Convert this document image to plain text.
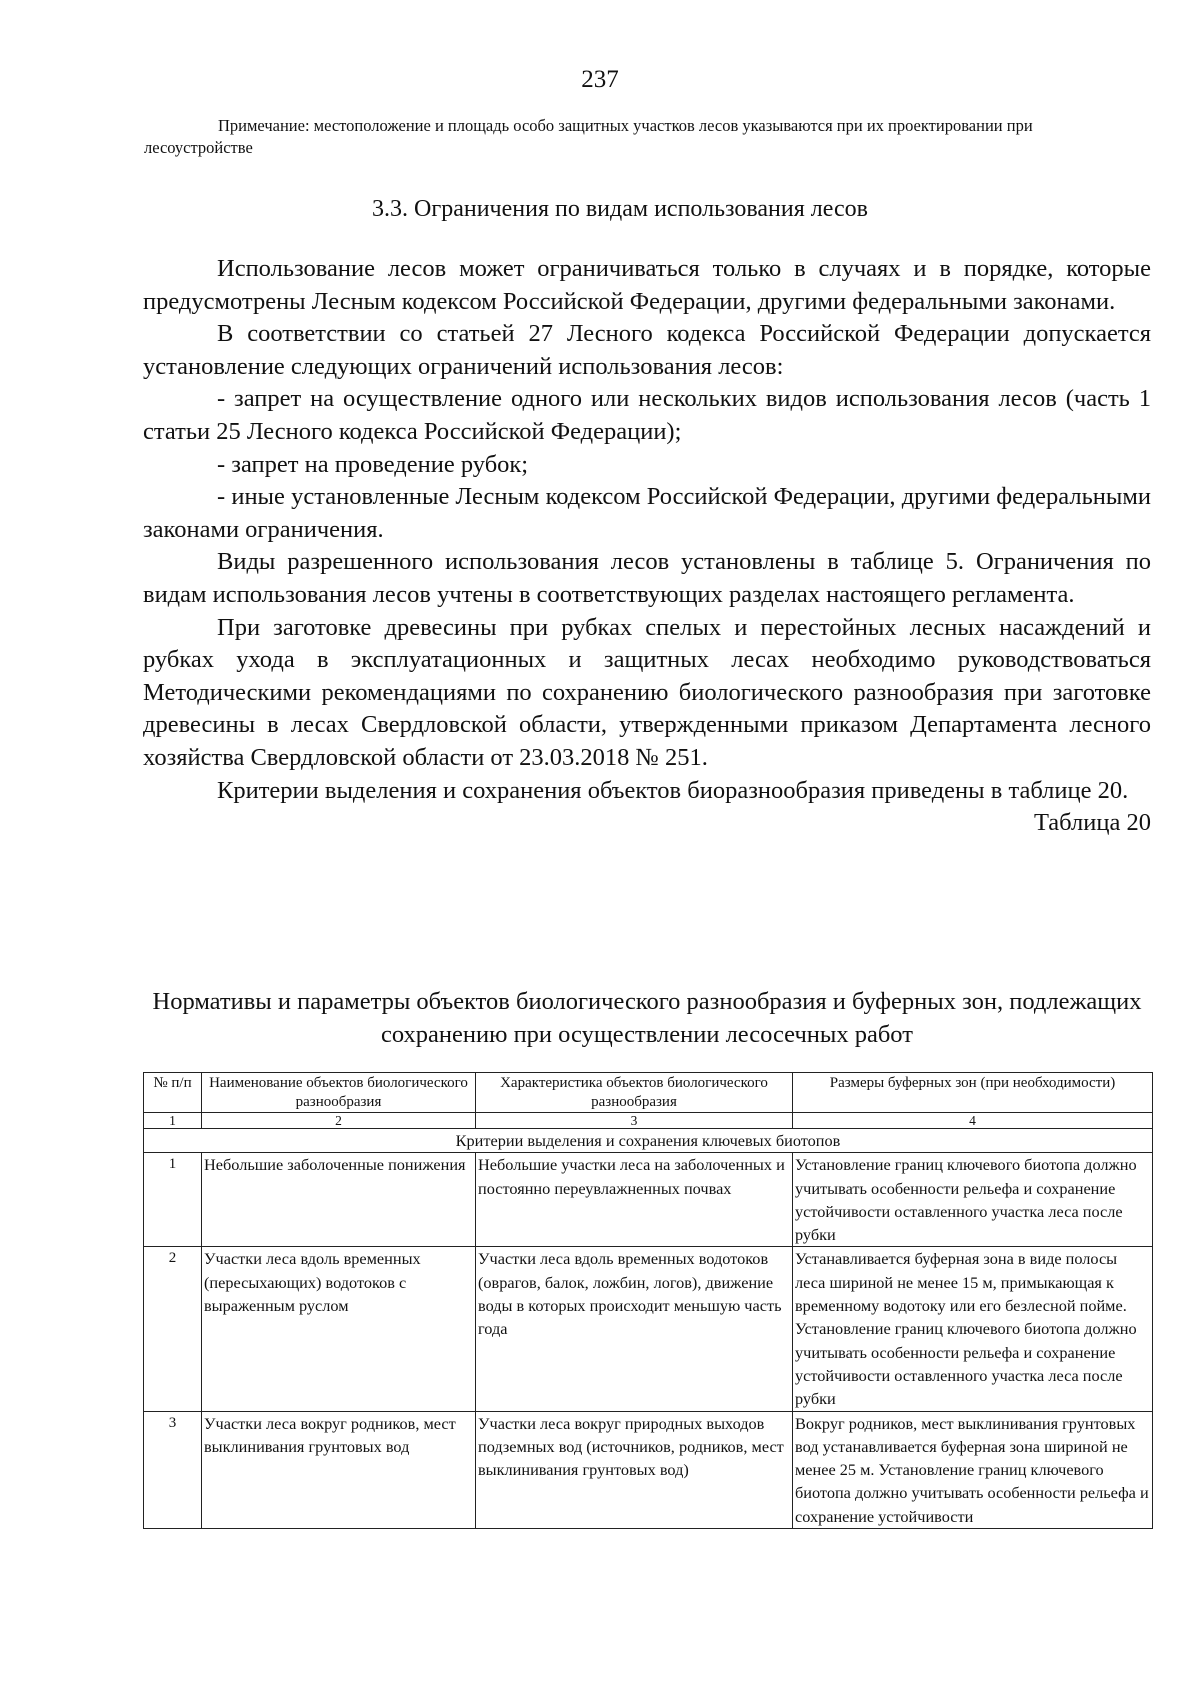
237
Примечание: местоположение и площадь особо защитных участков лесов указываются при их проектировании при лесоустройстве
3.3. Ограничения по видам использования лесов

Использование лесов может ограничиваться только в случаях и в порядке, которые предусмотрены Лесным кодексом Российской Федерации, другими федеральными законами.

В соответствии со статьей 27 Лесного кодекса Российской Федерации допускается установление следующих ограничений использования лесов:

- запрет на осуществление одного или нескольких видов использования лесов (часть 1 статьи 25 Лесного кодекса Российской Федерации);

- запрет на проведение рубок;

- иные установленные Лесным кодексом Российской Федерации, другими федеральными законами ограничения.

Виды разрешенного использования лесов установлены в таблице 5. Ограничения по видам использования лесов учтены в соответствующих разделах настоящего регламента.

При заготовке древесины при рубках спелых и перестойных лесных насаждений и рубках ухода в эксплуатационных и защитных лесах необходимо руководствоваться Методическими рекомендациями по сохранению биологического разнообразия при заготовке древесины в лесах Свердловской области, утвержденными приказом Департамента лесного хозяйства Свердловской области от 23.03.2018 № 251.

Критерии выделения и сохранения объектов биоразнообразия приведены в таблице 20.

Таблица 20

Нормативы и параметры объектов биологического разнообразия и буферных зон, подлежащих сохранению при осуществлении лесосечных работ
№ п/п	Наименование объектов биологического разнообразия	Характеристика объектов биологического разнообразия	Размеры буферных зон (при необходимости)
1	2	3	4
Критерии выделения и сохранения ключевых биотопов			
1	Небольшие заболоченные понижения	Небольшие участки леса на заболоченных и постоянно переувлажненных почвах	Установление границ ключевого биотопа должно учитывать особенности рельефа и сохранение устойчивости оставленного участка леса после рубки
2	Участки леса вдоль временных (пересыхающих) водотоков с выраженным руслом	Участки леса вдоль временных водотоков (оврагов, балок, ложбин, логов), движение воды в которых происходит меньшую часть года	Устанавливается буферная зона в виде полосы леса шириной не менее 15 м, примыкающая к временному водотоку или его безлесной пойме. Установление границ ключевого биотопа должно учитывать особенности рельефа и сохранение устойчивости оставленного участка леса после рубки
3	Участки леса вокруг родников, мест выклинивания грунтовых вод	Участки леса вокруг природных выходов подземных вод (источников, родников, мест выклинивания грунтовых вод)	Вокруг родников, мест выклинивания грунтовых вод устанавливается буферная зона шириной не менее 25 м. Установление границ ключевого биотопа должно учитывать особенности рельефа и сохранение устойчивости
